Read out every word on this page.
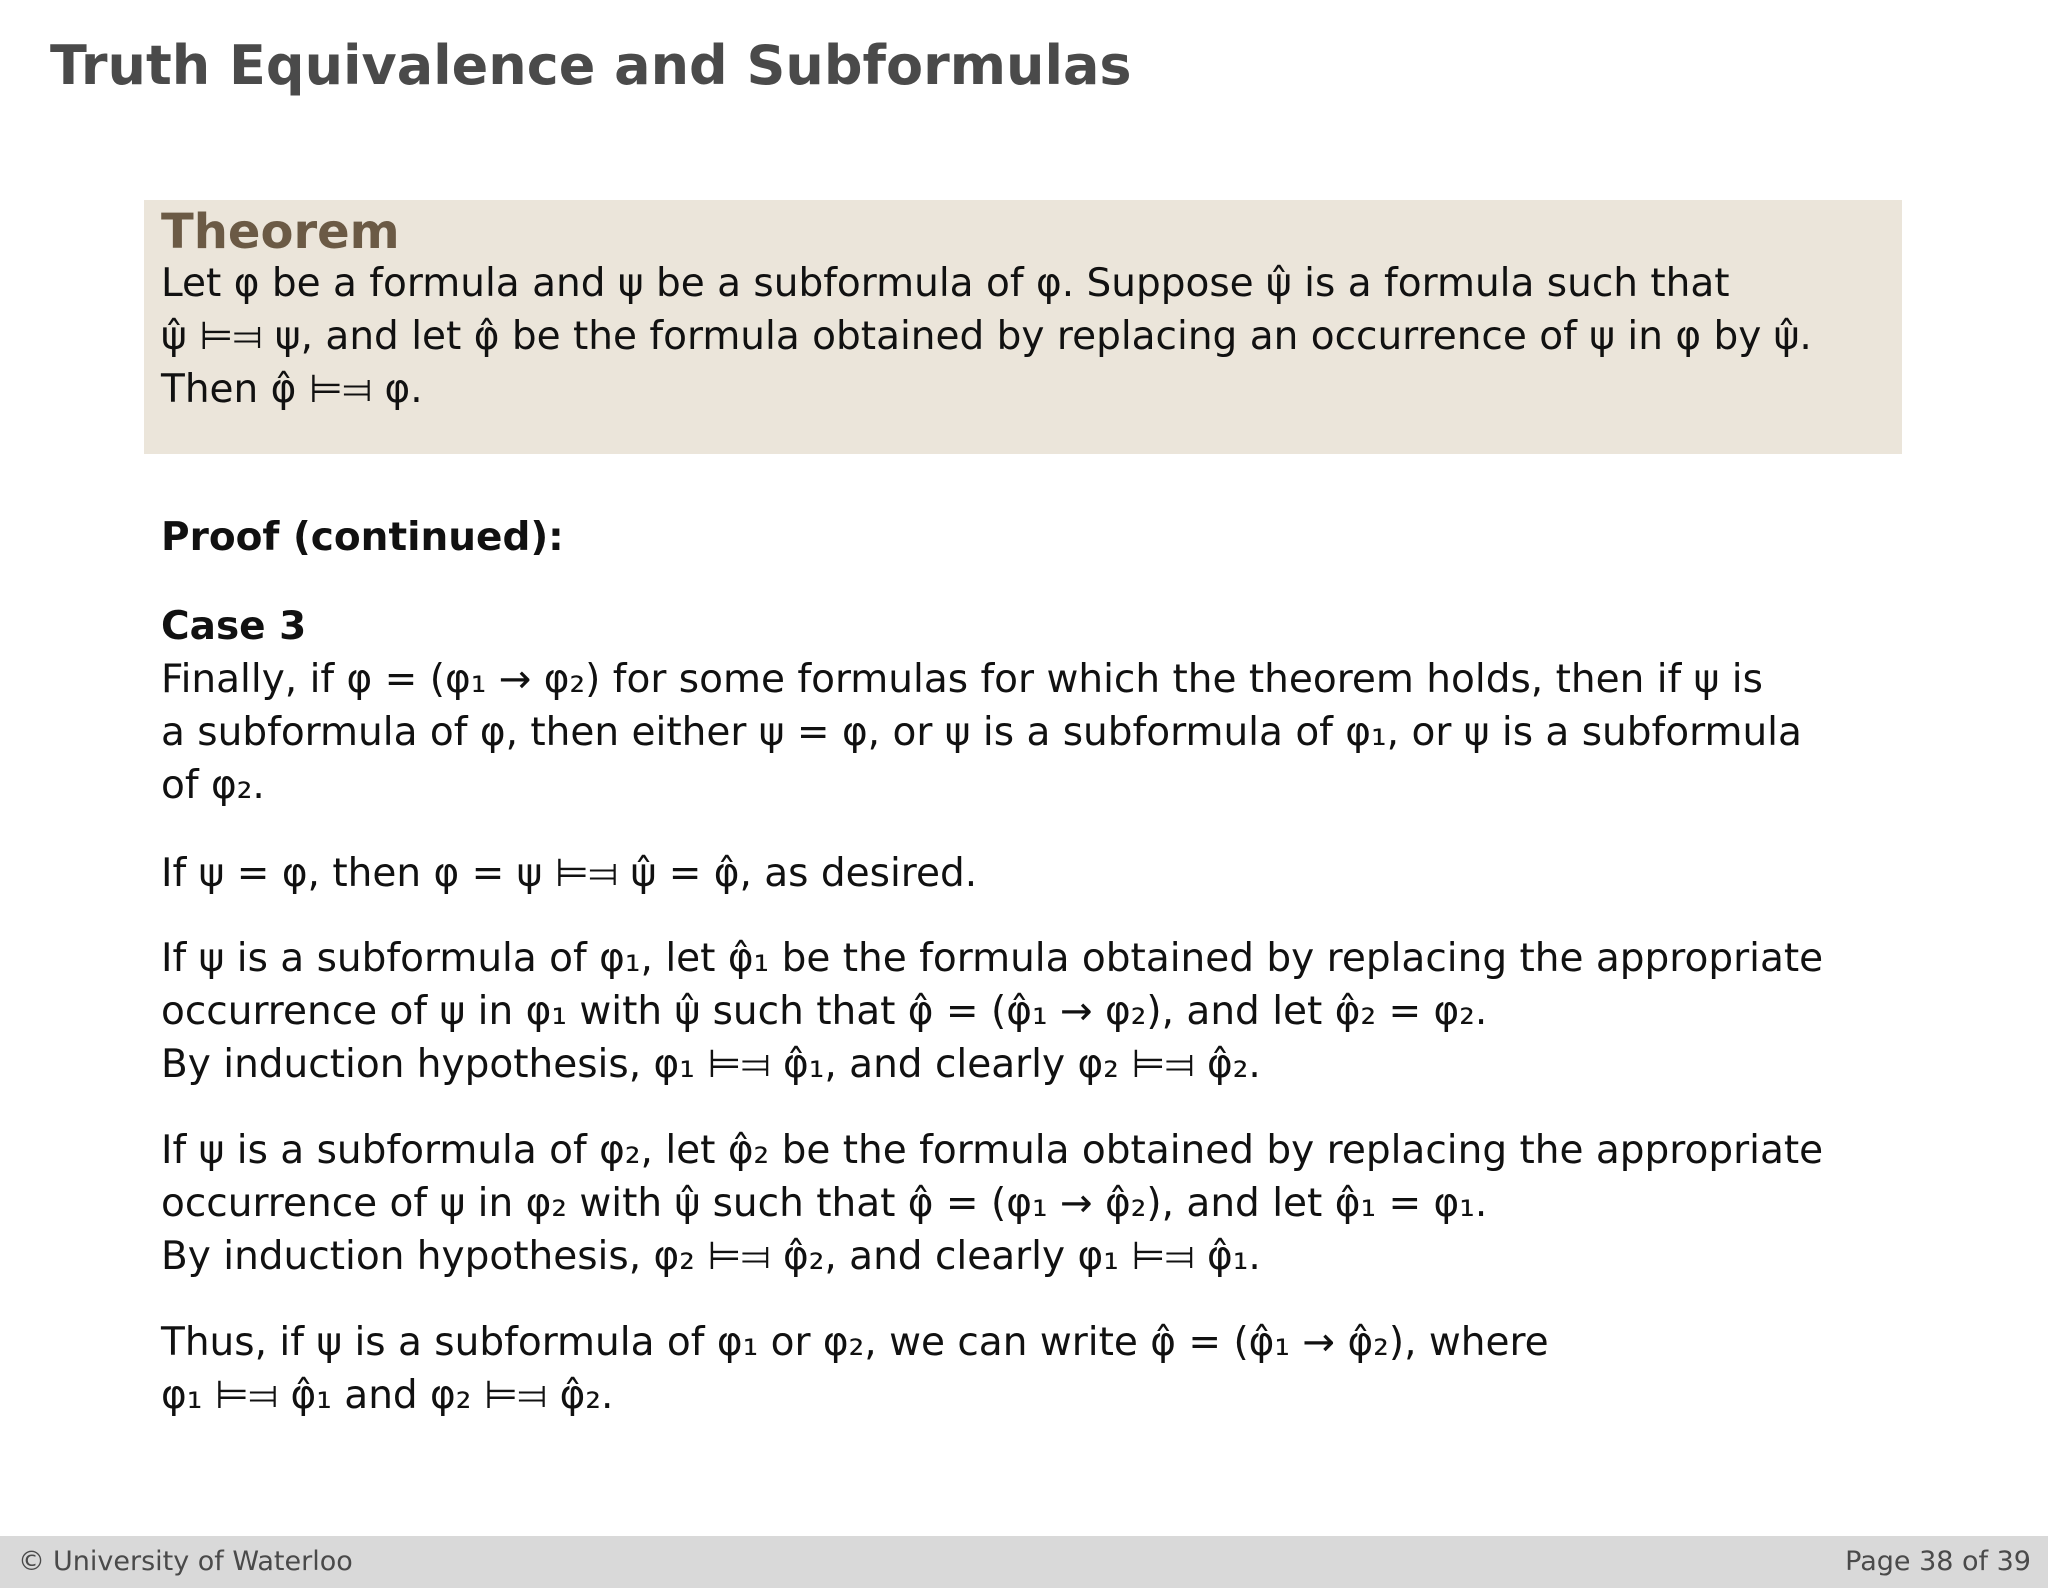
Truth Equivalence and Subformulas
Theorem
Let φ be a formula and ψ be a subformula of φ. Suppose ψ̂ is a formula such that
ψ̂ ⊨⫤ ψ, and let φ̂ be the formula obtained by replacing an occurrence of ψ in φ by ψ̂.
Then φ̂ ⊨⫤ φ.
Proof (continued):
Case 3
Finally, if φ = (φ₁ → φ₂) for some formulas for which the theorem holds, then if ψ is
a subformula of φ, then either ψ = φ, or ψ is a subformula of φ₁, or ψ is a subformula
of φ₂.
If ψ = φ, then φ = ψ ⊨⫤ ψ̂ = φ̂, as desired.
If ψ is a subformula of φ₁, let φ̂₁ be the formula obtained by replacing the appropriate
occurrence of ψ in φ₁ with ψ̂ such that φ̂ = (φ̂₁ → φ₂), and let φ̂₂ = φ₂.
By induction hypothesis, φ₁ ⊨⫤ φ̂₁, and clearly φ₂ ⊨⫤ φ̂₂.
If ψ is a subformula of φ₂, let φ̂₂ be the formula obtained by replacing the appropriate
occurrence of ψ in φ₂ with ψ̂ such that φ̂ = (φ₁ → φ̂₂), and let φ̂₁ = φ₁.
By induction hypothesis, φ₂ ⊨⫤ φ̂₂, and clearly φ₁ ⊨⫤ φ̂₁.
Thus, if ψ is a subformula of φ₁ or φ₂, we can write φ̂ = (φ̂₁ → φ̂₂), where
φ₁ ⊨⫤ φ̂₁ and φ₂ ⊨⫤ φ̂₂.
© University of Waterloo	Page 38 of 39
